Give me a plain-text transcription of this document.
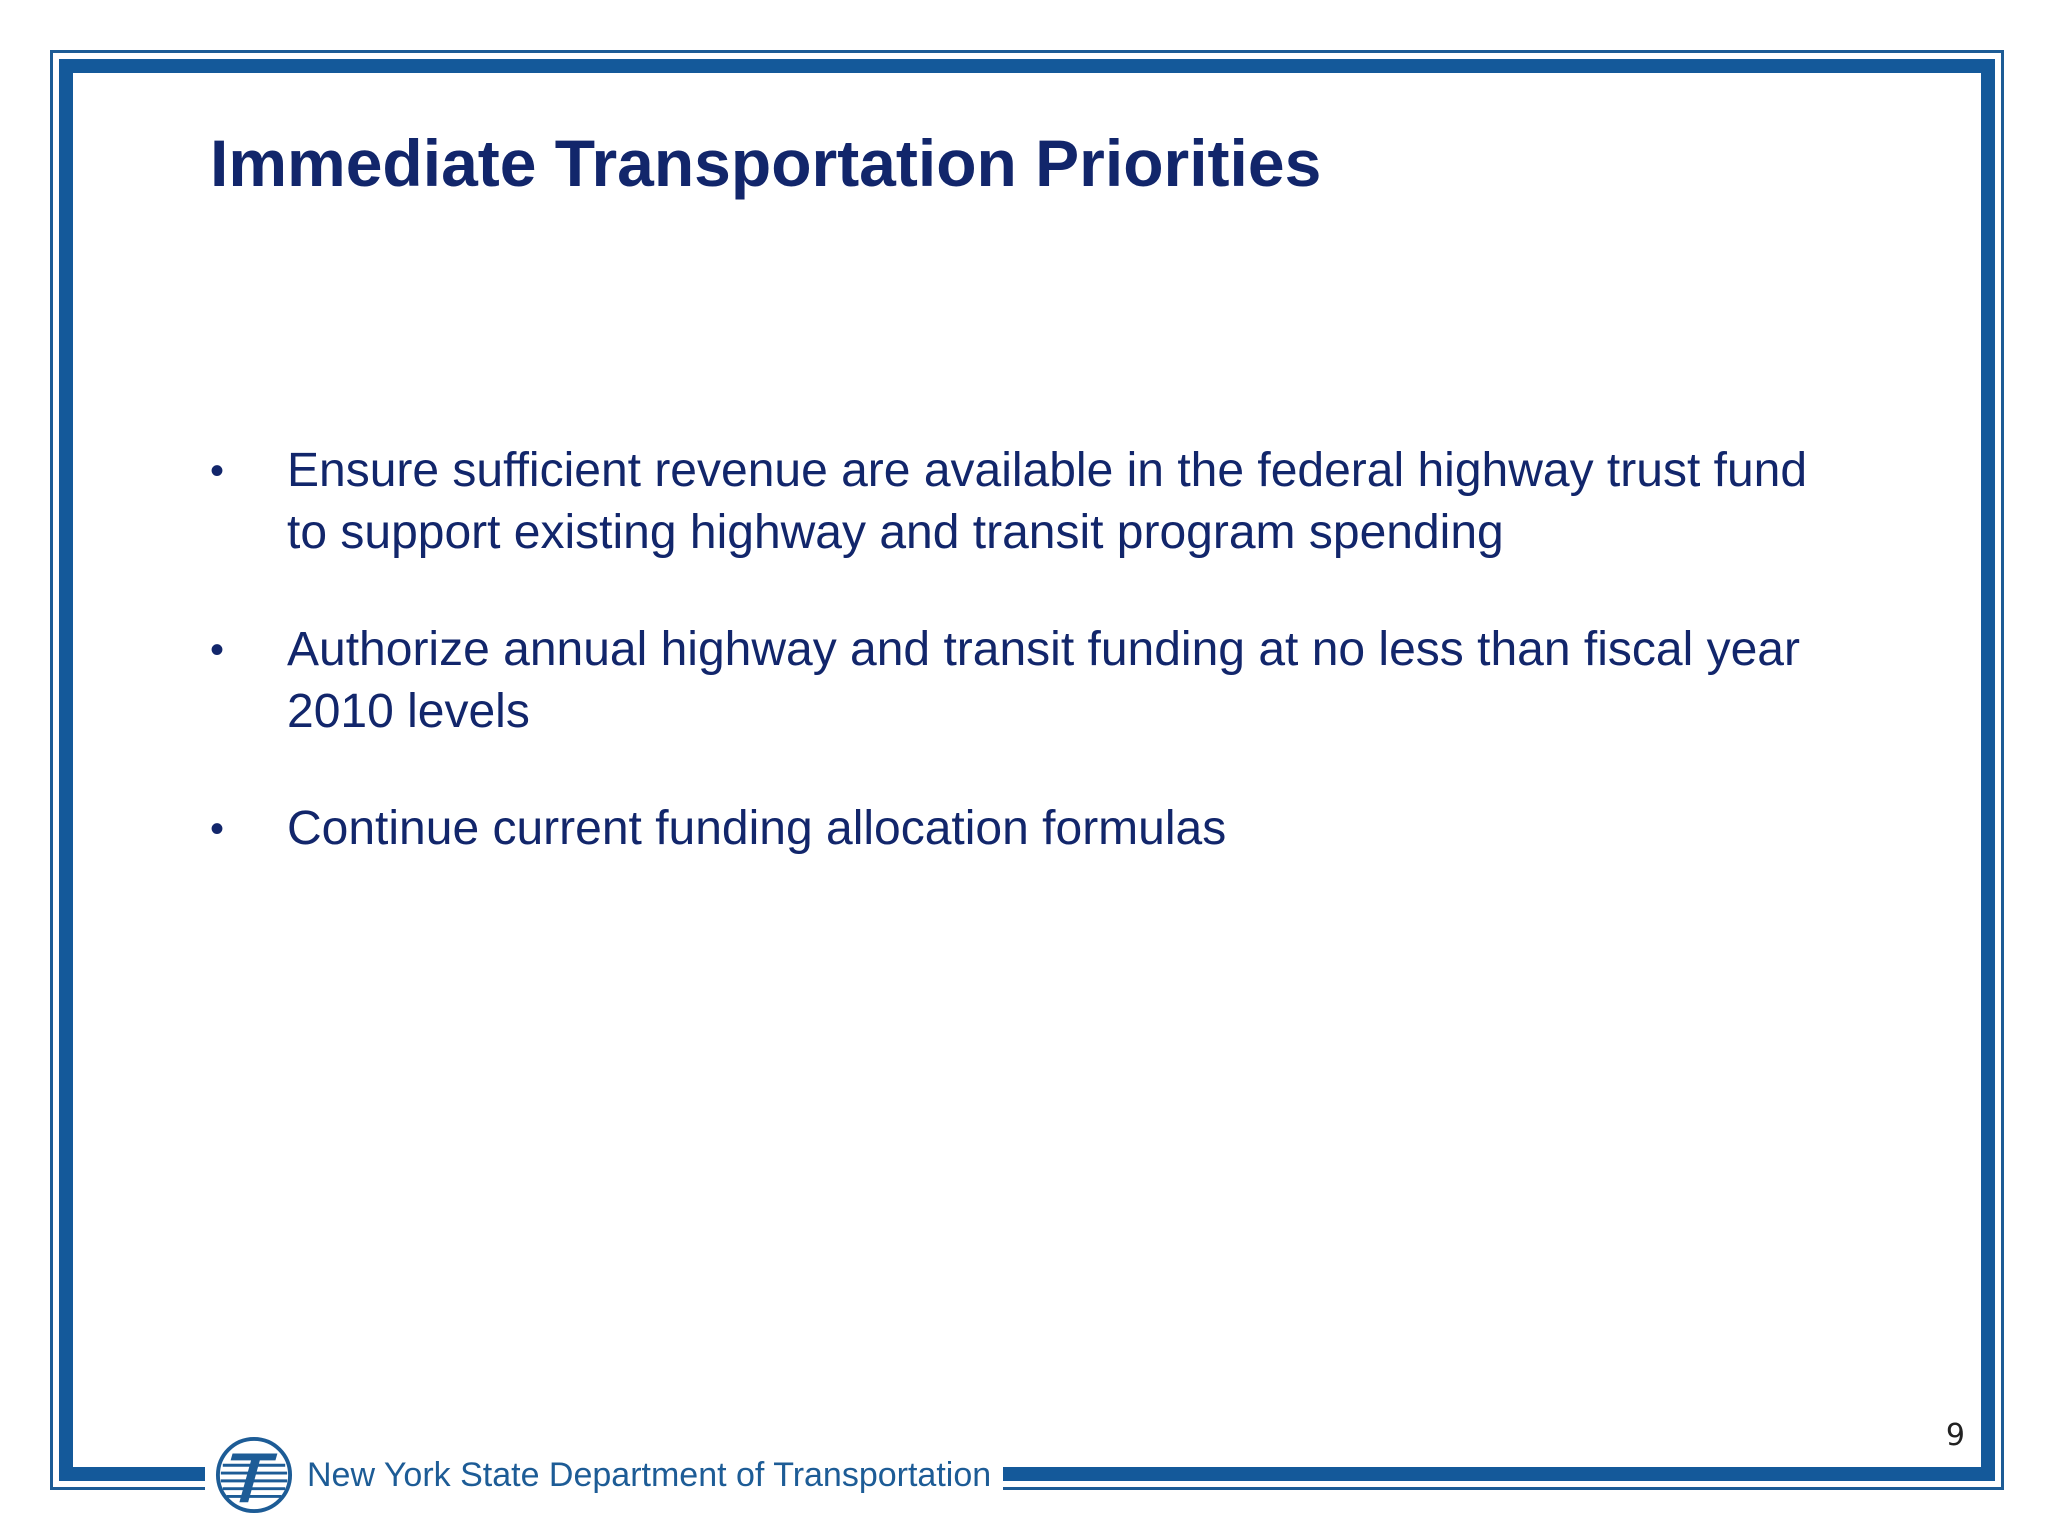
Immediate Transportation Priorities
• Ensure sufficient revenue are available in the federal highway trust fund to support existing highway and transit program spending
• Authorize annual highway and transit funding at no less than fiscal year 2010 levels
• Continue current funding allocation formulas
9
New York State Department of Transportation
